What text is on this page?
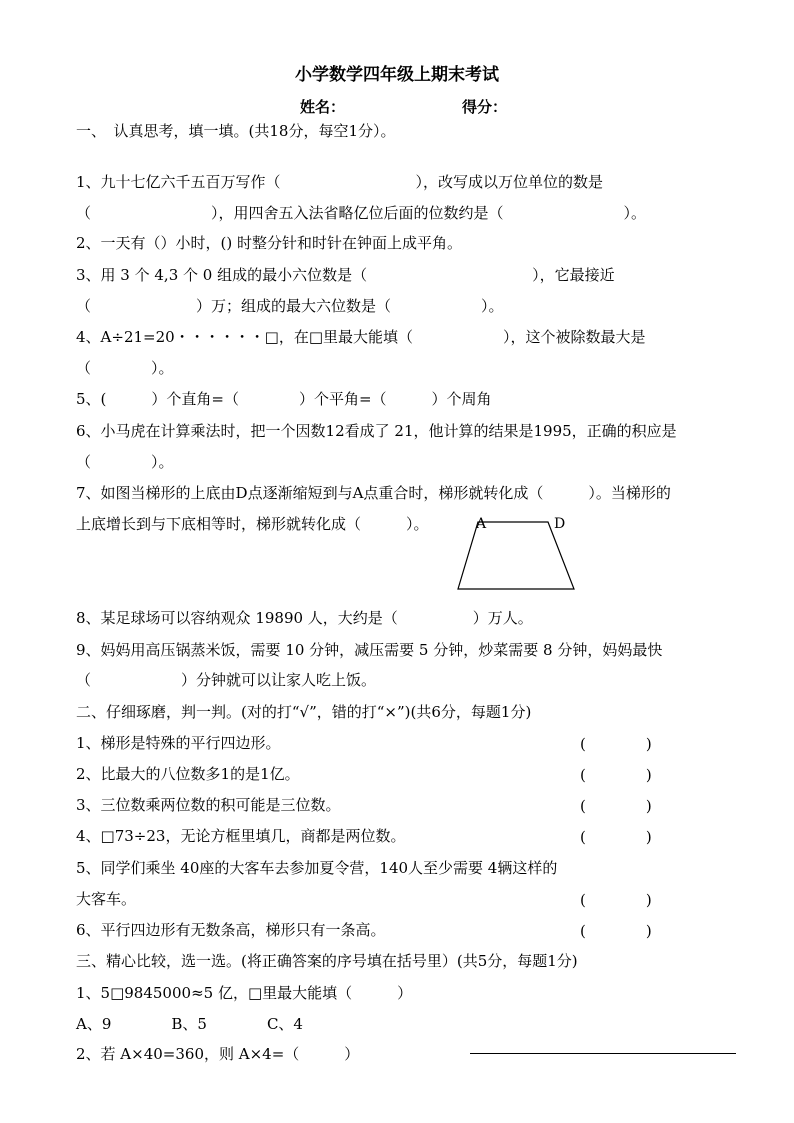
小学数学四年级上期末考试
姓名：	得分：
一、　认真思考，填一填。(共18分，每空1分）。
1、九十七亿六千五百万写作（　　　　　　　　　），改写成以万位单位的数是
（　　　　　　　　），用四舍五入法省略亿位后面的位数约是（　　　　　　　　）。
2、一天有（）小时，() 时整分针和时针在钟面上成平角。
3、用 3 个 4,3 个 0 组成的最小六位数是（　　　　　　　　　　　），它最接近
（　　　　　　　）万；组成的最大六位数是（　　　　　　）。
4、A÷21=20・・・・・・□，在□里最大能填（　　　　　　），这个被除数最大是
（　　　　）。
5、(　　　）个直角=（　　　　）个平角=（　　　）个周角
6、小马虎在计算乘法时，把一个因数12看成了 21，他计算的结果是1995，正确的积应是
（　　　　）。
7、如图当梯形的上底由D点逐渐缩短到与A点重合时，梯形就转化成（　　　）。当梯形的
上底增长到与下底相等时，梯形就转化成（　　　）。	A	D
8、某足球场可以容纳观众 19890 人，大约是（　　　　　）万人。
9、妈妈用高压锅蒸米饭，需要 10 分钟，减压需要 5 分钟，炒菜需要 8 分钟，妈妈最快
（　　　　　　）分钟就可以让家人吃上饭。
二、仔细琢磨，判一判。(对的打“√”，错的打“×”)(共6分，每题1分)
1、梯形是特殊的平行四边形。	(　　　　)
2、比最大的八位数多1的是1亿。	(　　　　)
3、三位数乘两位数的积可能是三位数。	(　　　　)
4、□73÷23，无论方框里填几，商都是两位数。	(　　　　)
5、同学们乘坐 40座的大客车去参加夏令营，140人至少需要 4辆这样的
大客车。	(　　　　)
6、平行四边形有无数条高，梯形只有一条高。	(　　　　)
三、精心比较，选一选。(将正确答案的序号填在括号里）(共5分，每题1分)
1、5□9845000≈5 亿，□里最大能填（　　　）
A、9　　　　B、5　　　　C、4
2、若 A×40=360，则 A×4=（　　　）
